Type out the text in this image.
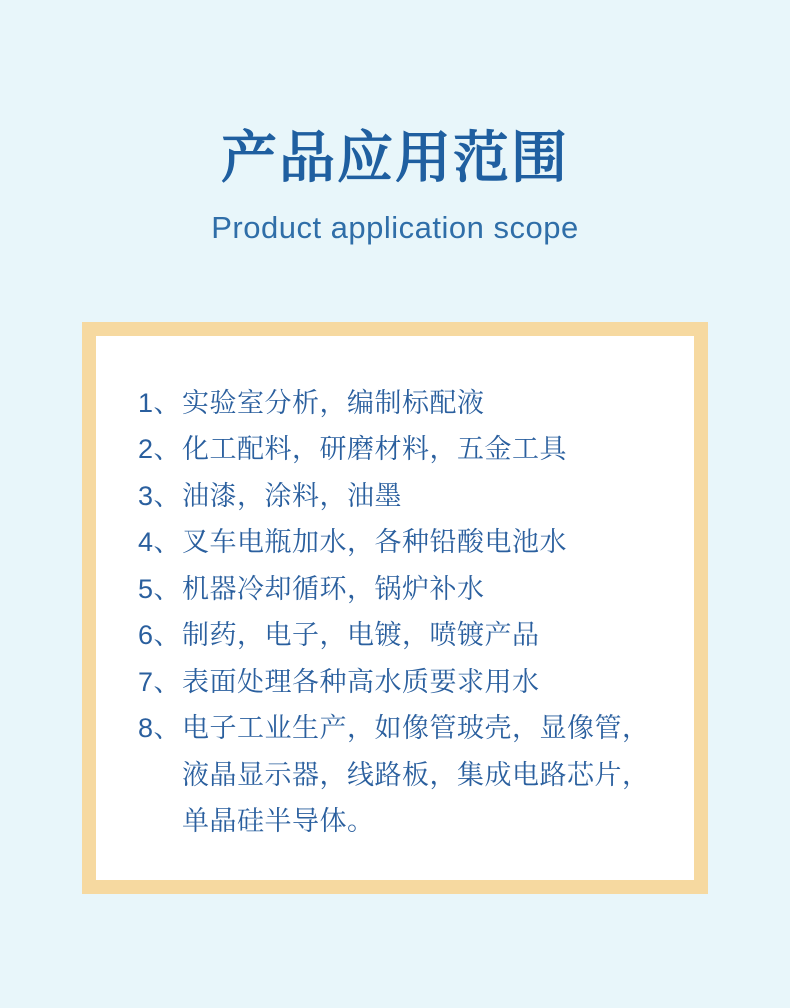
产品应用范围
Product application scope
1、 实验室分析，编制标配液
2、 化工配料，研磨材料，五金工具
3、 油漆，涂料，油墨
4、 叉车电瓶加水，各种铅酸电池水
5、 机器冷却循环，锅炉补水
6、 制药，电子，电镀，喷镀产品
7、 表面处理各种高水质要求用水
8、 电子工业生产，如像管玻壳，显像管，液晶显示器，线路板，集成电路芯片，单晶硅半导体。
